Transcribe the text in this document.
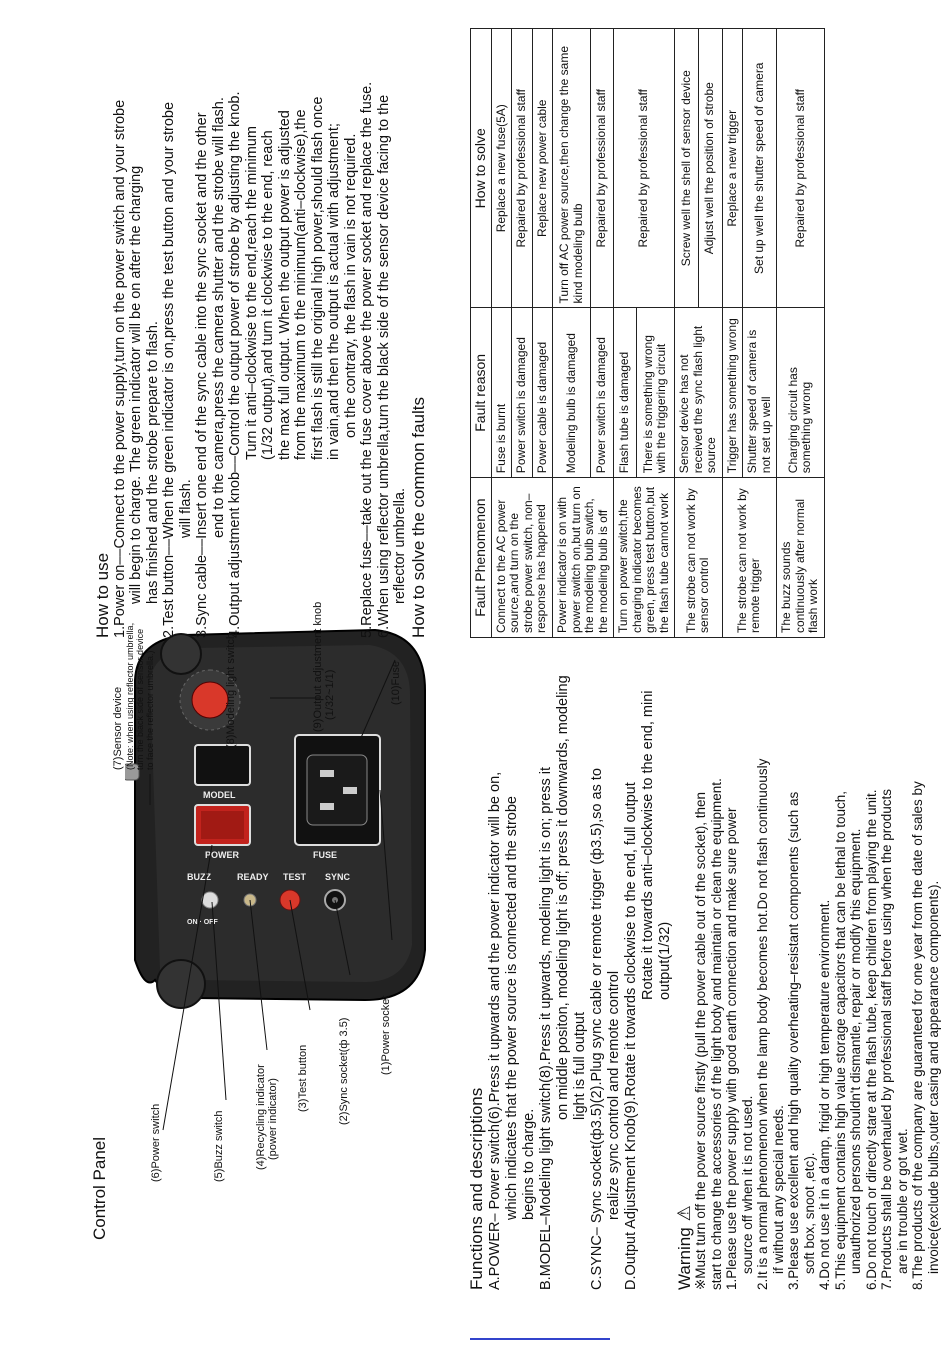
Control Panel
BUZZ
ON · OFF
READY TEST SYNC
POWER
MODEL
FUSE
(6)Power switch	(5)Buzz switch	(4)Recycling indicator (power indicator) (3)Test button	(2)Sync socket(ф 3.5)	(1)Power socket
(7)Sensor device (Note: when using reflector umbrella, turn the black side of sensor device to face the reflector umbrella.)	(8)Modeling light switch	(9)Output adjustment knob (1/32~1/1)	(10)Fuse
Functions and descriptions A.POWER– Power switch(6).Press it upwards and the power indicator will be on, which indicates that the power source is connected and the strobe begins to charge. B.MODEL–Modeling light switch(8).Press it upwards, modeling light is on; press it on middle positon, modeling light is off; press it downwards, modeling light is full output C.SYNC– Sync socket(ф3.5)(2).Plug sync cable or remote trigger (ф3.5),so as to realize sync control and remote control D.Output Adjustment Knob(9).Rotate it towards clockwise to the end, full output Rotate it towards anti–clockwise to the end, mini output(1/32)

Warning⚠ ※Must turn off the power source firstly (pull the power cable out of the socket), then start to change the accessories of the light body and maintain or clean the equipment. 1.Please use the power supply with good earth connection and make sure power source off when it is not used. 2.It is a normal phenomenon when the lamp body becomes hot.Do not flash continuously if without any special needs. 3.Please use excellent and high quality overheating–resistant components (such as soft box, snoot ,etc). 4.Do not use it in a damp, frigid or high temperature environment. 5.This equipment contains high value storage capacitors that can be lethal to touch, unauthorized persons shouldn't dismantle, repair or modify this equipment. 6.Do not touch or directly stare at the flash tube, keep children from playing the unit. 7.Products shall be overhauled by professional staff before using when the products are in trouble or got wet. 8.The products of the company are guaranteed for one year from the date of sales by invoice(exclude bulbs,outer casing and appearance components).

How to use 1.Power on––Connect to the power supply,turn on the power switch and your strobe will begin to charge. The green indicator will be on after the charging has finished and the strobe prepare to flash. 2.Test button––When the green indicator is on,press the test button and your strobe will flash. 3.Sync cable––Insert one end of the sync cable into the sync socket and the other end to the camera,press the camera shutter and the strobe will flash. 4.Output adjustment knob––Control the output power of strobe by adjusting the knob. Turn it anti–clockwise to the end,reach the minimum (1/32 output),and turn it clockwise to the end, reach the max full output. When the output power is adjusted from the maximum to the minimum(anti–clockwise),the first flash is still the original high power,should flash once in vain,and then the output is actual with adjustment; on the contrary, the flash in vain is not required. 5.Replace fuse––take out the fuse cover above the power socket and replace the fuse. 6.When using reflector umbrella,turn the black side of the sensor device facing to the reflector umbrella. How to solve the common faults	Fault Phenomenon	Fault reason	How to solve
Connect to the AC power source,and turn on the strobe power switch, non–response has happened	Fuse is burnt	Replace a new fuse(5A)
	Power switch is damaged	Repaired by professional staff
	Power cable is damaged	Replace new power cable
Power indicator is on with power switch on,but turn on the modeling bulb switch, the modeling bulb is off	Modeling bulb is damaged	Turn off AC power source,then change the same kind modeling bulb
	Power switch is damaged	Repaired by professional staff
Turn on power switch,the charging indicator becomes green, press test button,but the flash tube cannot work	Flash tube is damaged	Repaired by professional staff
	There is something wrong with the triggering circuit	
The strobe can not work by sensor control	Sensor device has not received the sync flash light source	Screw well the shell of sensor device
		Adjust well the position of strobe
The strobe can not work by remote trigger	Trigger has something wrong	Replace a new trigger
	Shutter speed of camera is not set up well	Set up well the shutter speed of camera
The buzz sounds continuously after normal flash work	Charging circuit has something wrong	Repaired by professional staff
